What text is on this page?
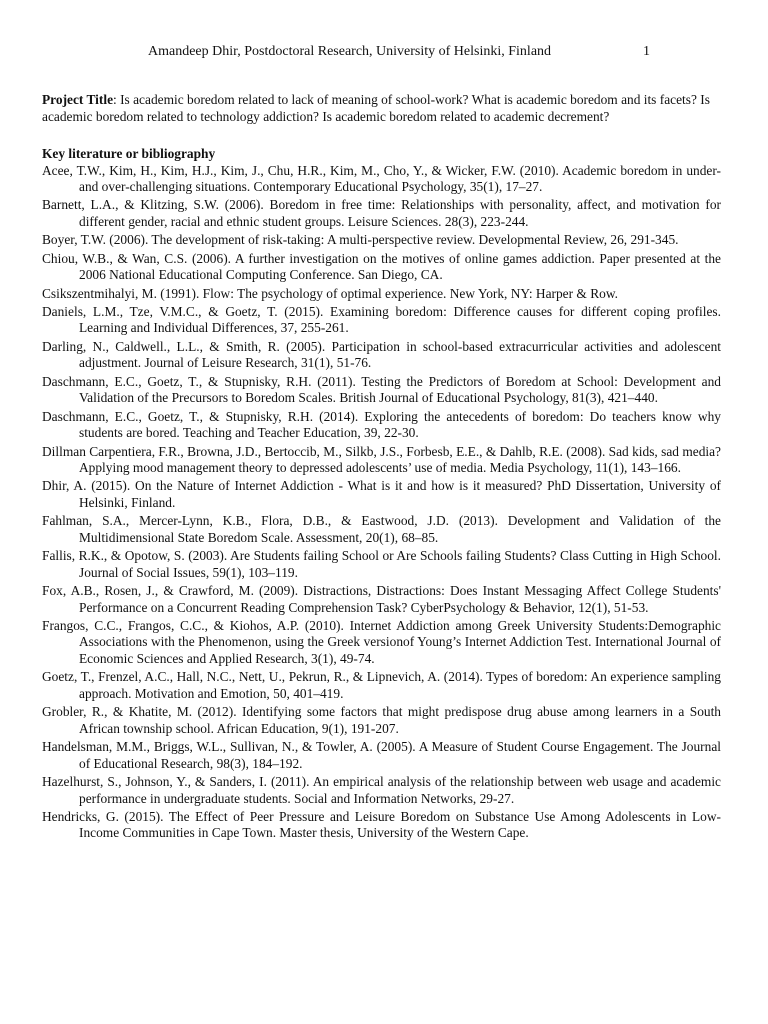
Amandeep Dhir, Postdoctoral Research, University of Helsinki, Finland	1

Project Title: Is academic boredom related to lack of meaning of school-work? What is academic boredom and its facets? Is academic boredom related to technology addiction? Is academic boredom related to academic decrement?

Key literature or bibliography
Acee, T.W., Kim, H., Kim, H.J., Kim, J., Chu, H.R., Kim, M., Cho, Y., & Wicker, F.W. (2010). Academic boredom in under- and over-challenging situations. Contemporary Educational Psychology, 35(1), 17–27.
Barnett, L.A., & Klitzing, S.W. (2006). Boredom in free time: Relationships with personality, affect, and motivation for different gender, racial and ethnic student groups. Leisure Sciences. 28(3), 223-244.
Boyer, T.W. (2006). The development of risk-taking: A multi-perspective review. Developmental Review, 26, 291-345.
Chiou, W.B., & Wan, C.S. (2006). A further investigation on the motives of online games addiction. Paper presented at the 2006 National Educational Computing Conference. San Diego, CA.
Csikszentmihalyi, M. (1991). Flow: The psychology of optimal experience. New York, NY: Harper & Row.
Daniels, L.M., Tze, V.M.C., & Goetz, T. (2015). Examining boredom: Difference causes for different coping profiles. Learning and Individual Differences, 37, 255-261.
Darling, N., Caldwell., L.L., & Smith, R. (2005). Participation in school-based extracurricular activities and adolescent adjustment. Journal of Leisure Research, 31(1), 51-76.
Daschmann, E.C., Goetz, T., & Stupnisky, R.H. (2011). Testing the Predictors of Boredom at School: Development and Validation of the Precursors to Boredom Scales. British Journal of Educational Psychology, 81(3), 421–440.
Daschmann, E.C., Goetz, T., & Stupnisky, R.H. (2014). Exploring the antecedents of boredom: Do teachers know why students are bored. Teaching and Teacher Education, 39, 22-30.
Dillman Carpentiera, F.R., Browna, J.D., Bertoccib, M., Silkb, J.S., Forbesb, E.E., & Dahlb, R.E. (2008). Sad kids, sad media? Applying mood management theory to depressed adolescents’ use of media. Media Psychology, 11(1), 143–166.
Dhir, A. (2015). On the Nature of Internet Addiction - What is it and how is it measured? PhD Dissertation, University of Helsinki, Finland.
Fahlman, S.A., Mercer-Lynn, K.B., Flora, D.B., & Eastwood, J.D. (2013). Development and Validation of the Multidimensional State Boredom Scale. Assessment, 20(1), 68–85.
Fallis, R.K., & Opotow, S. (2003). Are Students failing School or Are Schools failing Students? Class Cutting in High School. Journal of Social Issues, 59(1), 103–119.
Fox, A.B., Rosen, J., & Crawford, M. (2009). Distractions, Distractions: Does Instant Messaging Affect College Students' Performance on a Concurrent Reading Comprehension Task? CyberPsychology & Behavior, 12(1), 51-53.
Frangos, C.C., Frangos, C.C., & Kiohos, A.P. (2010). Internet Addiction among Greek University Students:Demographic Associations with the Phenomenon, using the Greek versionof Young’s Internet Addiction Test. International Journal of Economic Sciences and Applied Research, 3(1), 49-74.
Goetz, T., Frenzel, A.C., Hall, N.C., Nett, U., Pekrun, R., & Lipnevich, A. (2014). Types of boredom: An experience sampling approach. Motivation and Emotion, 50, 401–419.
Grobler, R., & Khatite, M. (2012). Identifying some factors that might predispose drug abuse among learners in a South African township school. African Education, 9(1), 191-207.
Handelsman, M.M., Briggs, W.L., Sullivan, N., & Towler, A. (2005). A Measure of Student Course Engagement. The Journal of Educational Research, 98(3), 184–192.
Hazelhurst, S., Johnson, Y., & Sanders, I. (2011). An empirical analysis of the relationship between web usage and academic performance in undergraduate students. Social and Information Networks, 29-27.
Hendricks, G. (2015). The Effect of Peer Pressure and Leisure Boredom on Substance Use Among Adolescents in Low-Income Communities in Cape Town. Master thesis, University of the Western Cape.
